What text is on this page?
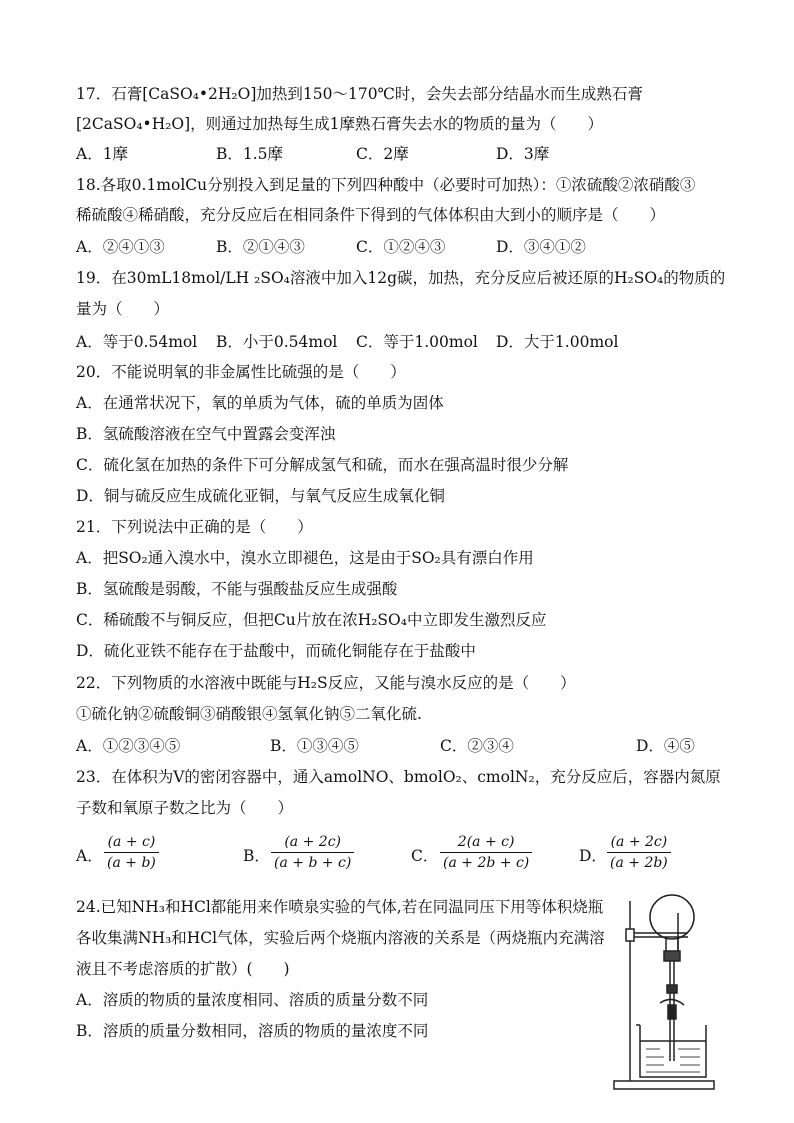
17．石膏[CaSO₄•2H₂O]加热到150～170℃时，会失去部分结晶水而生成熟石膏
[2CaSO₄•H₂O]，则通过加热每生成1摩熟石膏失去水的物质的量为（　　）
A．1摩	B．1.5摩	C．2摩	D．3摩
18.各取0.1molCu分别投入到足量的下列四种酸中（必要时可加热）：①浓硫酸②浓硝酸③
稀硫酸④稀硝酸，充分反应后在相同条件下得到的气体体积由大到小的顺序是（　　）
A．②④①③	B．②①④③	C．①②④③	D．③④①②
19．在30mL18mol/LH ₂SO₄溶液中加入12g碳，加热，充分反应后被还原的H₂SO₄的物质的
量为（　　）
A．等于0.54mol B．小于0.54mol C．等于1.00mol D．大于1.00mol
20．不能说明氧的非金属性比硫强的是（　　）
A．在通常状况下，氧的单质为气体，硫的单质为固体
B．氢硫酸溶液在空气中置露会变浑浊
C．硫化氢在加热的条件下可分解成氢气和硫，而水在强高温时很少分解
D．铜与硫反应生成硫化亚铜，与氧气反应生成氧化铜
21．下列说法中正确的是（　　）
A．把SO₂通入溴水中，溴水立即褪色，这是由于SO₂具有漂白作用
B．氢硫酸是弱酸，不能与强酸盐反应生成强酸
C．稀硫酸不与铜反应，但把Cu片放在浓H₂SO₄中立即发生激烈反应
D．硫化亚铁不能存在于盐酸中，而硫化铜能存在于盐酸中
22．下列物质的水溶液中既能与H₂S反应，又能与溴水反应的是（　　）
①硫化钠②硫酸铜③硝酸银④氢氧化钠⑤二氧化硫.
A．①②③④⑤	B．①③④⑤	C．②③④	D．④⑤
23．在体积为V的密闭容器中，通入amolNO、bmolO₂、cmolN₂，充分反应后，容器内氮原
子数和氧原子数之比为（　　）
A． $\frac{(a + c)}{(a + b)}$	B． $\frac{(a + 2c)}{(a + b + c)}$	C． $\frac{2(a + c)}{(a + 2b + c)}$	D． $\frac{(a + 2c)}{(a + 2b)}$
24.已知NH₃和HCl都能用来作喷泉实验的气体,若在同温同压下用等体积烧瓶
各收集满NH₃和HCl气体，实验后两个烧瓶内溶液的关系是（两烧瓶内充满溶
液且不考虑溶质的扩散）(　　)
A．溶质的物质的量浓度相同、溶质的质量分数不同
B．溶质的质量分数相同，溶质的物质的量浓度不同
